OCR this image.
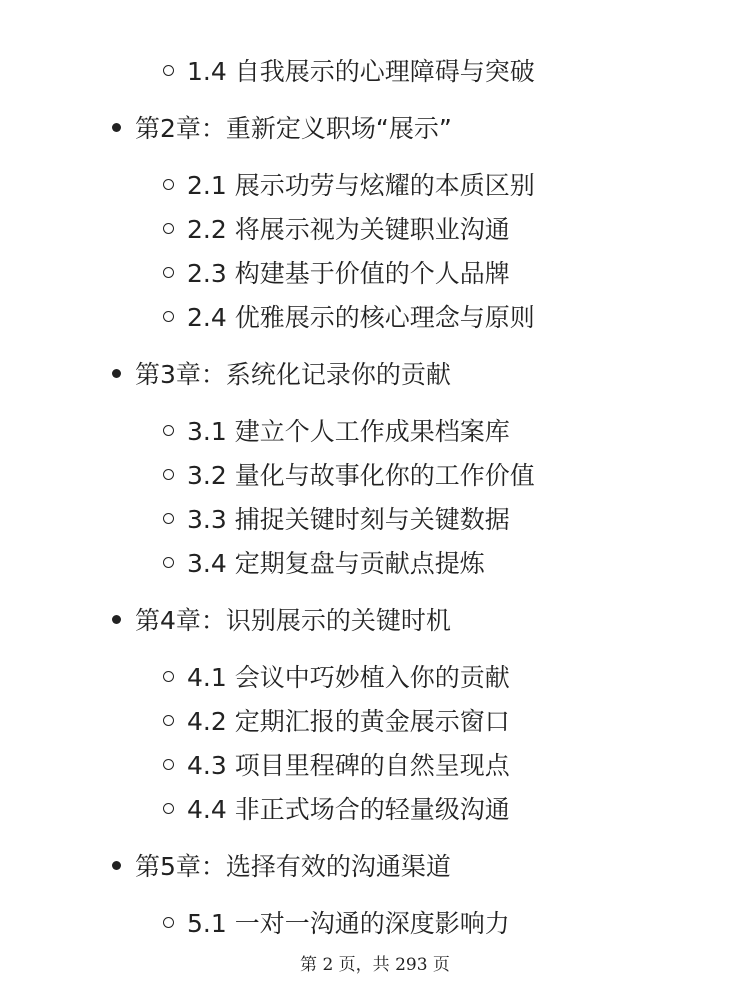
1.4 自我展示的心理障碍与突破
第2章：重新定义职场“展示”
2.1 展示功劳与炫耀的本质区别
2.2 将展示视为关键职业沟通
2.3 构建基于价值的个人品牌
2.4 优雅展示的核心理念与原则
第3章：系统化记录你的贡献
3.1 建立个人工作成果档案库
3.2 量化与故事化你的工作价值
3.3 捕捉关键时刻与关键数据
3.4 定期复盘与贡献点提炼
第4章：识别展示的关键时机
4.1 会议中巧妙植入你的贡献
4.2 定期汇报的黄金展示窗口
4.3 项目里程碑的自然呈现点
4.4 非正式场合的轻量级沟通
第5章：选择有效的沟通渠道
5.1 一对一沟通的深度影响力
第 2 页，共 293 页
